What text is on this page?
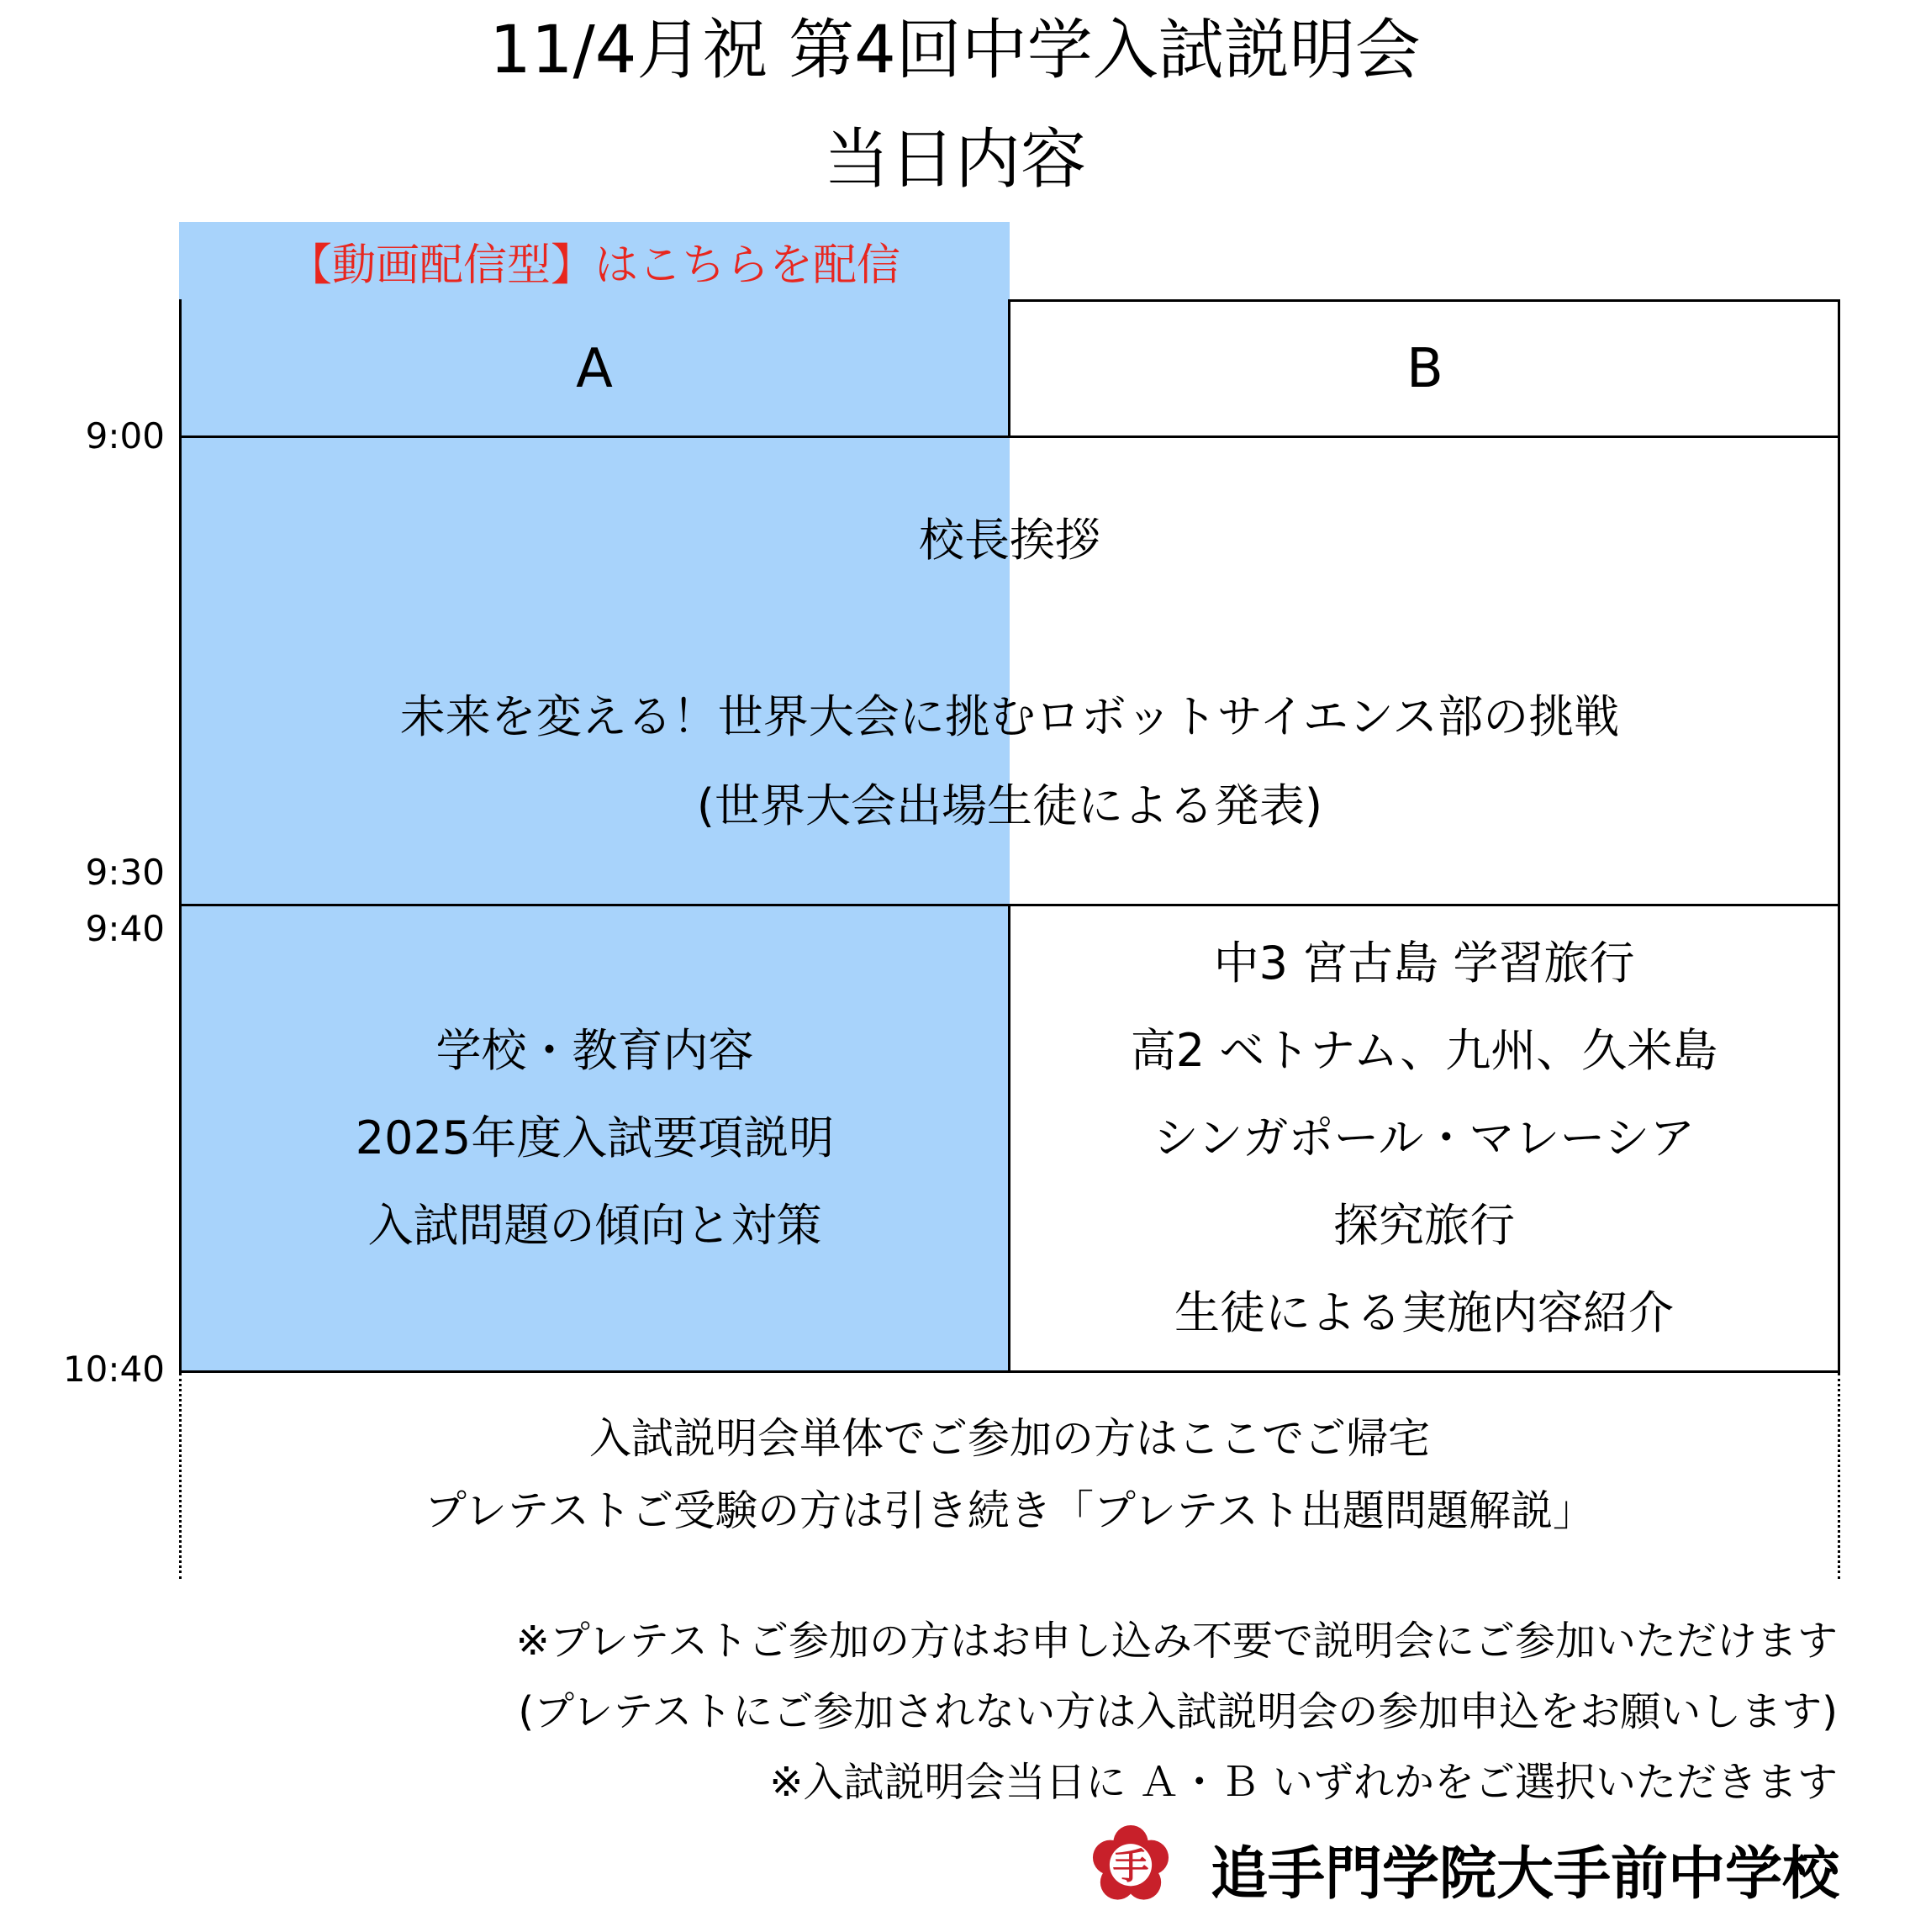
11/4月祝 第4回中学入試説明会
当日内容
【動画配信型】はこちらを配信
A	B
9:00
9:30
9:40
10:40
校長挨拶
未来を変える！世界大会に挑むロボットサイエンス部の挑戦
(世界大会出場生徒による発表)
学校・教育内容
2025年度入試要項説明
入試問題の傾向と対策
中3 宮古島 学習旅行
高2 ベトナム、九州、久米島
シンガポール・マレーシア
探究旅行
生徒による実施内容紹介
入試説明会単体でご参加の方はここでご帰宅
プレテストご受験の方は引き続き「プレテスト出題問題解説」
※プレテストご参加の方はお申し込み不要で説明会にご参加いただけます
(プレテストにご参加されない方は入試説明会の参加申込をお願いします)
※入試説明会当日に Ａ・Ｂ いずれかをご選択いただきます
手 追手門学院大手前中学校
